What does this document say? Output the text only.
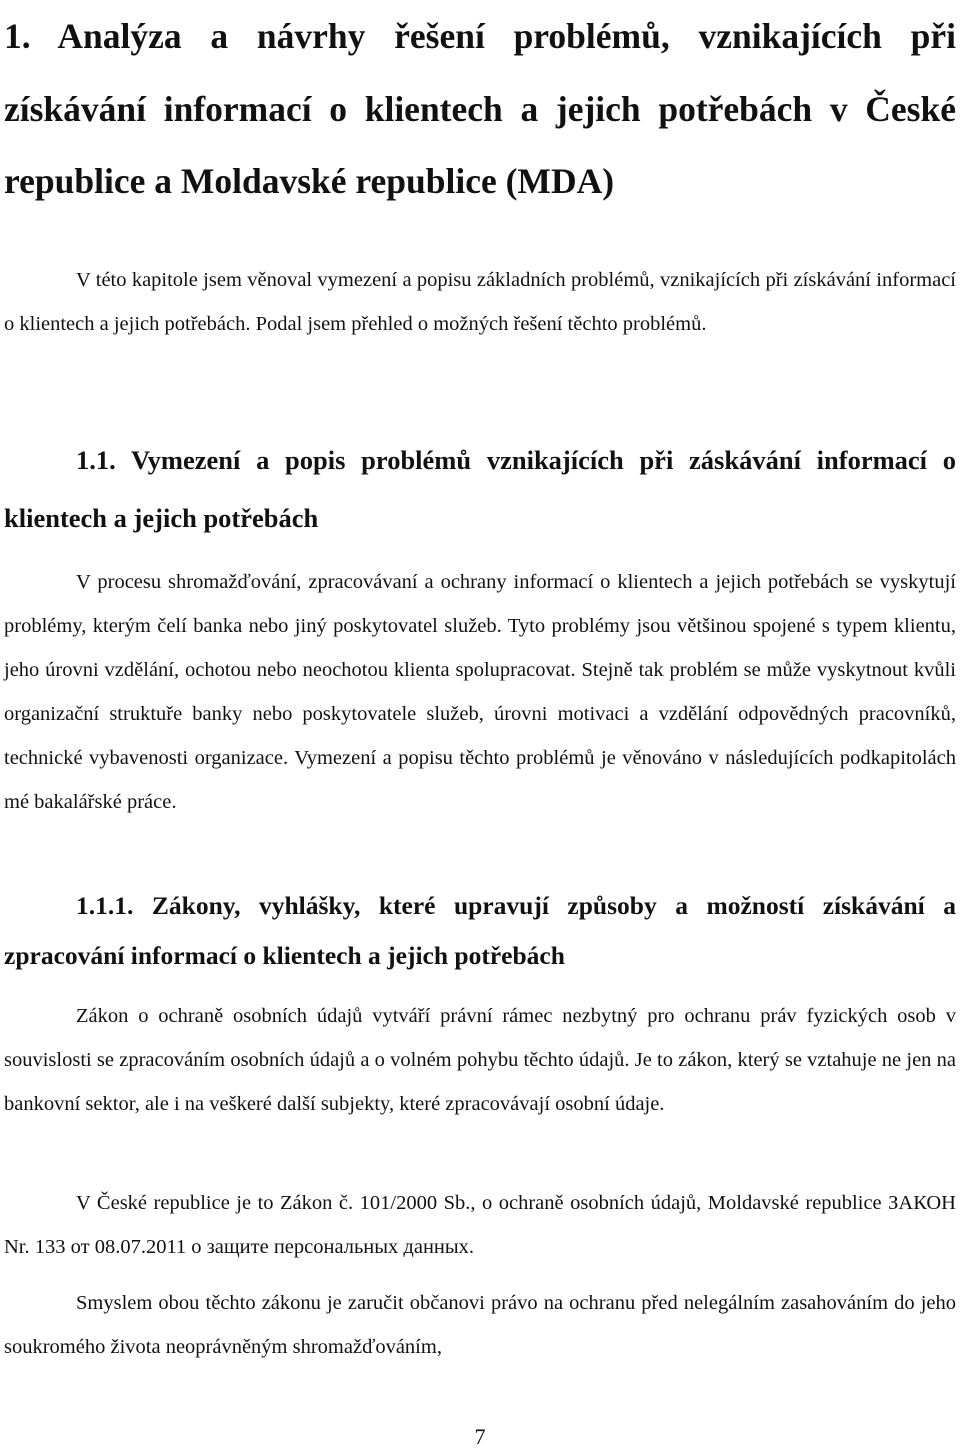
1. Analýza a návrhy řešení problémů, vznikajících při získávání informací o klientech a jejich potřebách v České republice a Moldavské republice (MDA)
V této kapitole jsem věnoval vymezení a popisu základních problémů, vznikajících při získávání informací o klientech a jejich potřebách. Podal jsem přehled o možných řešení těchto problémů.
1.1. Vymezení a popis problémů vznikajících při záskávání informací o klientech a jejich potřebách
V procesu shromažďování, zpracovávaní a ochrany informací o klientech a jejich potřebách se vyskytují problémy, kterým čelí banka nebo jiný poskytovatel služeb. Tyto problémy jsou většinou spojené s typem klientu, jeho úrovni vzdělání, ochotou nebo neochotou klienta spolupracovat. Stejně tak problém se může vyskytnout kvůli organizační struktuře banky nebo poskytovatele služeb, úrovni motivaci a vzdělání odpovědných pracovníků, technické vybavenosti organizace. Vymezení a popisu těchto problémů je věnováno v následujících podkapitolách mé bakalářské práce.
1.1.1. Zákony, vyhlášky, které upravují způsoby a možností získávání a zpracování informací o klientech a jejich potřebách
Zákon o ochraně osobních údajů vytváří právní rámec nezbytný pro ochranu práv fyzických osob v souvislosti se zpracováním osobních údajů a o volném pohybu těchto údajů. Je to zákon, který se vztahuje ne jen na bankovní sektor, ale i na veškeré další subjekty, které zpracovávají osobní údaje.
V České republice je to Zákon č. 101/2000 Sb., o ochraně osobních údajů, Moldavské republice ЗАКОН Nr. 133 от 08.07.2011 о защите персональных данных.
Smyslem obou těchto zákonu je zaručit občanovi právo na ochranu před nelegálním zasahováním do jeho soukromého života neoprávněným shromažďováním,
7
